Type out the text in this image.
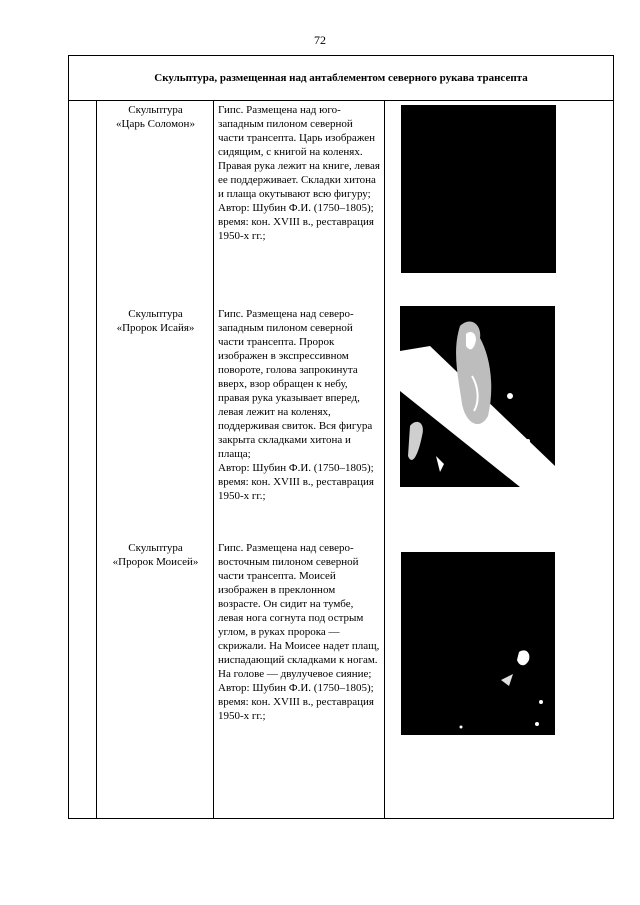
72
Скульптура, размещенная над антаблементом северного рукава трансепта
Скульптура
«Царь Соломон»
Гипс. Размещена над юго-западным пилоном северной части трансепта. Царь изображен сидящим, с книгой на коленях. Правая рука лежит на книге, левая ее поддерживает. Складки хитона и плаща окутывают всю фигуру;
Автор: Шубин Ф.И. (1750–1805); время: кон. XVIII в., реставрация 1950-х гг.;
Скульптура
«Пророк Исайя»
Гипс. Размещена над северо-западным пилоном северной части трансепта. Пророк изображен в экспрессивном повороте, голова запрокинута вверх, взор обращен к небу, правая рука указывает вперед, левая лежит на коленях, поддерживая свиток. Вся фигура закрыта складками хитона и плаща;
Автор: Шубин Ф.И. (1750–1805); время: кон. XVIII в., реставрация 1950-х гг.;
Скульптура
«Пророк Моисей»
Гипс. Размещена над северо-восточным пилоном северной части трансепта. Моисей изображен в преклонном возрасте. Он сидит на тумбе, левая нога согнута под острым углом, в руках пророка — скрижали. На Моисее надет плащ, ниспадающий складками к ногам. На голове — двулучевое сияние;
Автор: Шубин Ф.И. (1750–1805); время: кон. XVIII в., реставрация 1950-х гг.;
